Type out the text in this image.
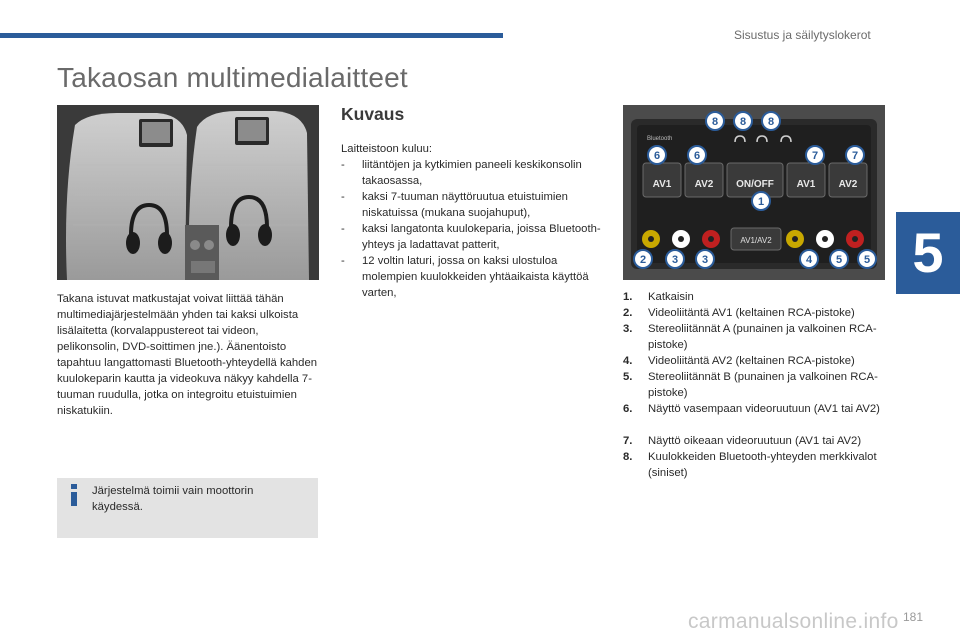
Sisustus ja säilytyslokerot
Takaosan multimedialaitteet
5
Bluetooth
AV1 AV2 ON/OFF AV1 AV2
AV1/AV2
8 8 8
6	6	7	7
1
2 3 3	4 5 5
Takana istuvat matkustajat voivat liittää tähän multimediajärjestelmään yhden tai kaksi ulkoista lisälaitetta (korvalappustereot tai videon, pelikonsolin, DVD-soittimen jne.). Äänentoisto tapahtuu langattomasti Bluetooth-yhteydellä kahden kuulokeparin kautta ja videokuva näkyy kahdella 7-tuuman ruudulla, jotka on integroitu etuistuimien niskatukiin.
Järjestelmä toimii vain moottorin käydessä.
Kuvaus
Laitteistoon kuluu:
- liitäntöjen ja kytkimien paneeli keskikonsolin takaosassa,
- kaksi 7-tuuman näyttöruutua etuistuimien niskatuissa (mukana suojahuput),
- kaksi langatonta kuulokeparia, joissa Bluetooth-yhteys ja ladattavat patterit,
- 12 voltin laturi, jossa on kaksi ulostuloa molempien kuulokkeiden yhtäaikaista käyttöä varten,	1. Katkaisin
2. Videoliitäntä AV1 (keltainen RCA-pistoke)
3. Stereoliitännät A (punainen ja valkoinen RCA-pistoke)
4. Videoliitäntä AV2 (keltainen RCA-pistoke)
5. Stereoliitännät B (punainen ja valkoinen RCA-pistoke)
6. Näyttö vasempaan videoruutuun (AV1 tai AV2)
7. Näyttö oikeaan videoruutuun (AV1 tai AV2)
8. Kuulokkeiden Bluetooth-yhteyden merkkivalot (siniset)
carmanualsonline.info 181
